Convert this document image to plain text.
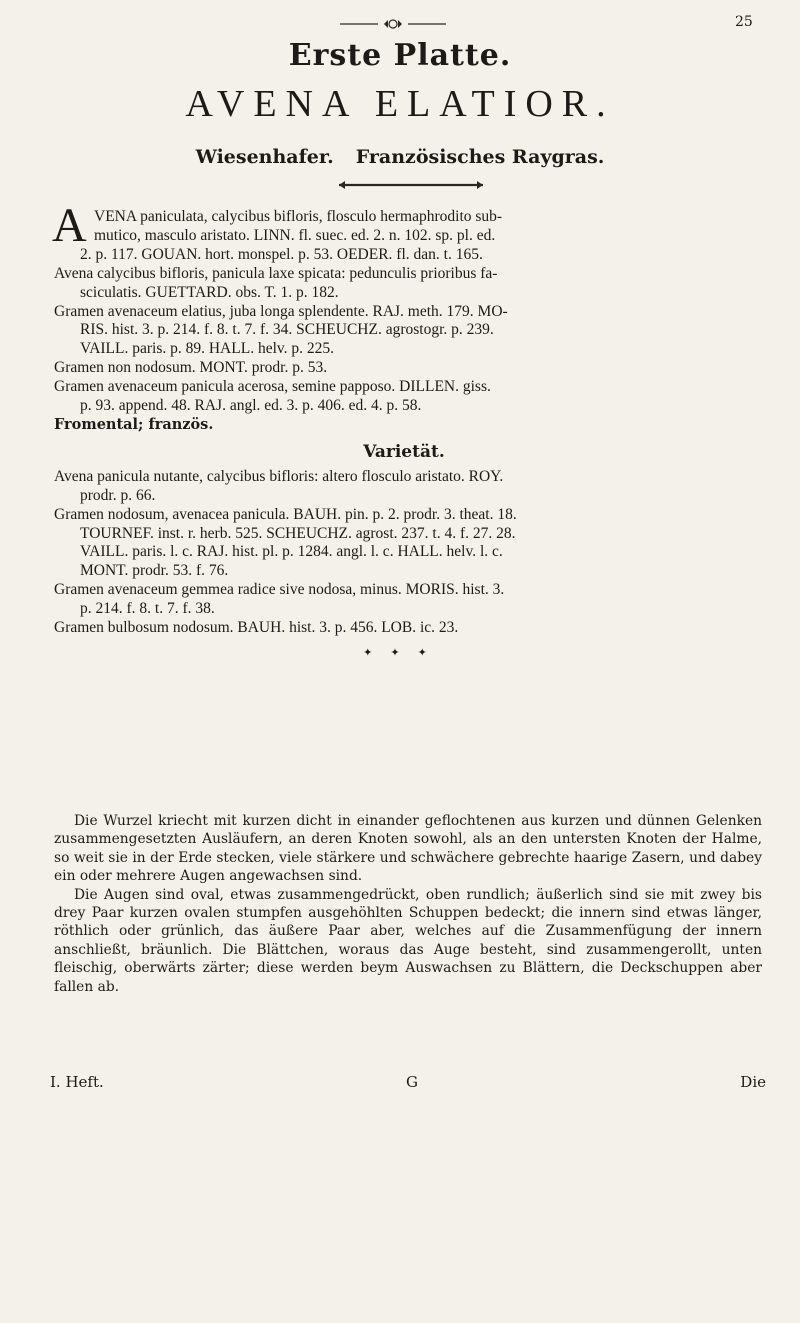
25
Erste Platte.
AVENA ELATIOR.
Wiesenhafer. Französisches Raygras.
A VENA paniculata, calycibus bifloris, flosculo hermaphrodito sub-
mutico, masculo aristato. LINN. fl. suec. ed. 2. n. 102. sp. pl. ed.
2. p. 117. GOUAN. hort. monspel. p. 53. OEDER. fl. dan. t. 165.
Avena calycibus bifloris, panicula laxe spicata: pedunculis prioribus fa-
sciculatis. GUETTARD. obs. T. 1. p. 182.
Gramen avenaceum elatius, juba longa splendente. RAJ. meth. 179. MO-
RIS. hist. 3. p. 214. f. 8. t. 7. f. 34. SCHEUCHZ. agrostogr. p. 239.
VAILL. paris. p. 89. HALL. helv. p. 225.
Gramen non nodosum. MONT. prodr. p. 53.
Gramen avenaceum panicula acerosa, semine papposo. DILLEN. giss.
p. 93. append. 48. RAJ. angl. ed. 3. p. 406. ed. 4. p. 58.
Fromental; französ.
Varietät.
Avena panicula nutante, calycibus bifloris: altero flosculo aristato. ROY.
prodr. p. 66.
Gramen nodosum, avenacea panicula. BAUH. pin. p. 2. prodr. 3. theat. 18.
TOURNEF. inst. r. herb. 525. SCHEUCHZ. agrost. 237. t. 4. f. 27. 28.
VAILL. paris. l. c. RAJ. hist. pl. p. 1284. angl. l. c. HALL. helv. l. c.
MONT. prodr. 53. f. 76.
Gramen avenaceum gemmea radice sive nodosa, minus. MORIS. hist. 3.
p. 214. f. 8. t. 7. f. 38.
Gramen bulbosum nodosum. BAUH. hist. 3. p. 456. LOB. ic. 23.
✦✦✦

Die Wurzel kriecht mit kurzen dicht in einander geflochtenen aus kurzen und dünnen Gelenken zusammengesetzten Ausläufern, an deren Knoten sowohl, als an den untersten Knoten der Halme, so weit sie in der Erde stecken, viele stärkere und schwächere gebrechte haarige Zasern, und dabey ein oder mehrere Augen angewachsen sind.

Die Augen sind oval, etwas zusammengedrückt, oben rundlich; äußerlich sind sie mit zwey bis drey Paar kurzen ovalen stumpfen ausgehöhlten Schuppen bedeckt; die innern sind etwas länger, röthlich oder grünlich, das äußere Paar aber, welches auf die Zusammenfügung der innern anschließt, bräunlich. Die Blättchen, woraus das Auge besteht, sind zusammengerollt, unten fleischig, oberwärts zärter; diese werden beym Auswachsen zu Blättern, die Deckschuppen aber fallen ab.

I. Heft.	G	Die
